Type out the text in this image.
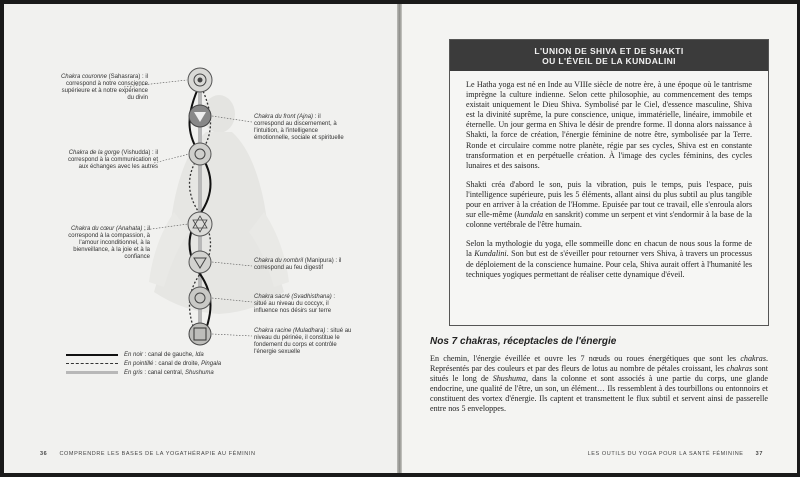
Chakra couronne (Sahasrara) : il correspond à notre conscience supérieure et à notre expérience du divin
Chakra du front (Ajna) : il correspond au discernement, à l'intuition, à l'intelligence émotionnelle, sociale et spirituelle
Chakra de la gorge (Vishudda) : il correspond à la communication et aux échanges avec les autres
Chakra du cœur (Anahata) : il correspond à la compassion, à l'amour inconditionnel, à la bienveillance, à la joie et à la confiance
Chakra du nombril (Manipura) : il correspond au feu digestif
Chakra sacré (Svadhisthana) : situé au niveau du coccyx, il influence nos désirs sur terre
Chakra racine (Muladhara) : situé au niveau du périnée, il constitue le fondement du corps et contrôle l'énergie sexuelle
En noir : canal de gauche, Ida
En pointillé : canal de droite, Pingala
En gris : canal central, Shushuma
36 COMPRENDRE LES BASES DE LA YOGATHÉRAPIE AU FÉMININ
L'UNION DE SHIVA ET DE SHAKTI
OU L'ÉVEIL DE LA KUNDALINI

Le Hatha yoga est né en Inde au VIIIe siècle de notre ère, à une époque où le tantrisme imprègne la culture indienne. Selon cette philosophie, au commencement des temps existait uniquement le Dieu Shiva. Symbolisé par le Ciel, d'essence masculine, Shiva est la divinité suprême, la pure conscience, unique, immatérielle, linéaire, immobile et éternelle. Un jour germa en Shiva le désir de prendre forme. Il donna alors naissance à Shakti, la force de création, l'énergie féminine de notre être, symbolisée par la Terre. Ronde et circulaire comme notre planète, régie par ses cycles, Shiva est en constante transformation et en perpétuelle création. À l'image des cycles féminins, des cycles lunaires et des saisons.

Shakti créa d'abord le son, puis la vibration, puis le temps, puis l'espace, puis l'intelligence supérieure, puis les 5 éléments, allant ainsi du plus subtil au plus tangible pour en arriver à la création de l'Homme. Epuisée par tout ce travail, elle s'enroula alors sur elle-même (kundala en sanskrit) comme un serpent et vint s'endormir à la base de la colonne vertébrale de l'être humain.

Selon la mythologie du yoga, elle sommeille donc en chacun de nous sous la forme de la Kundalini. Son but est de s'éveiller pour retourner vers Shiva, à travers un processus de déploiement de la conscience humaine. Pour cela, Shiva aurait offert à l'humanité les techniques yogiques permettant de réaliser cette dynamique d'éveil.

Nos 7 chakras, réceptacles de l'énergie

En chemin, l'énergie éveillée et ouvre les 7 nœuds ou roues énergétiques que sont les chakras. Représentés par des couleurs et par des fleurs de lotus au nombre de pétales croissant, les chakras sont situés le long de Shushuma, dans la colonne et sont associés à une partie du corps, une glande endocrine, une qualité de l'être, un son, un élément… Ils ressemblent à des tourbillons ou entonnoirs et constituent des vortex d'énergie. Ils captent et transmettent le flux subtil et servent ainsi de passerelle entre nos 5 enveloppes.

LES OUTILS DU YOGA POUR LA SANTÉ FÉMININE 37
